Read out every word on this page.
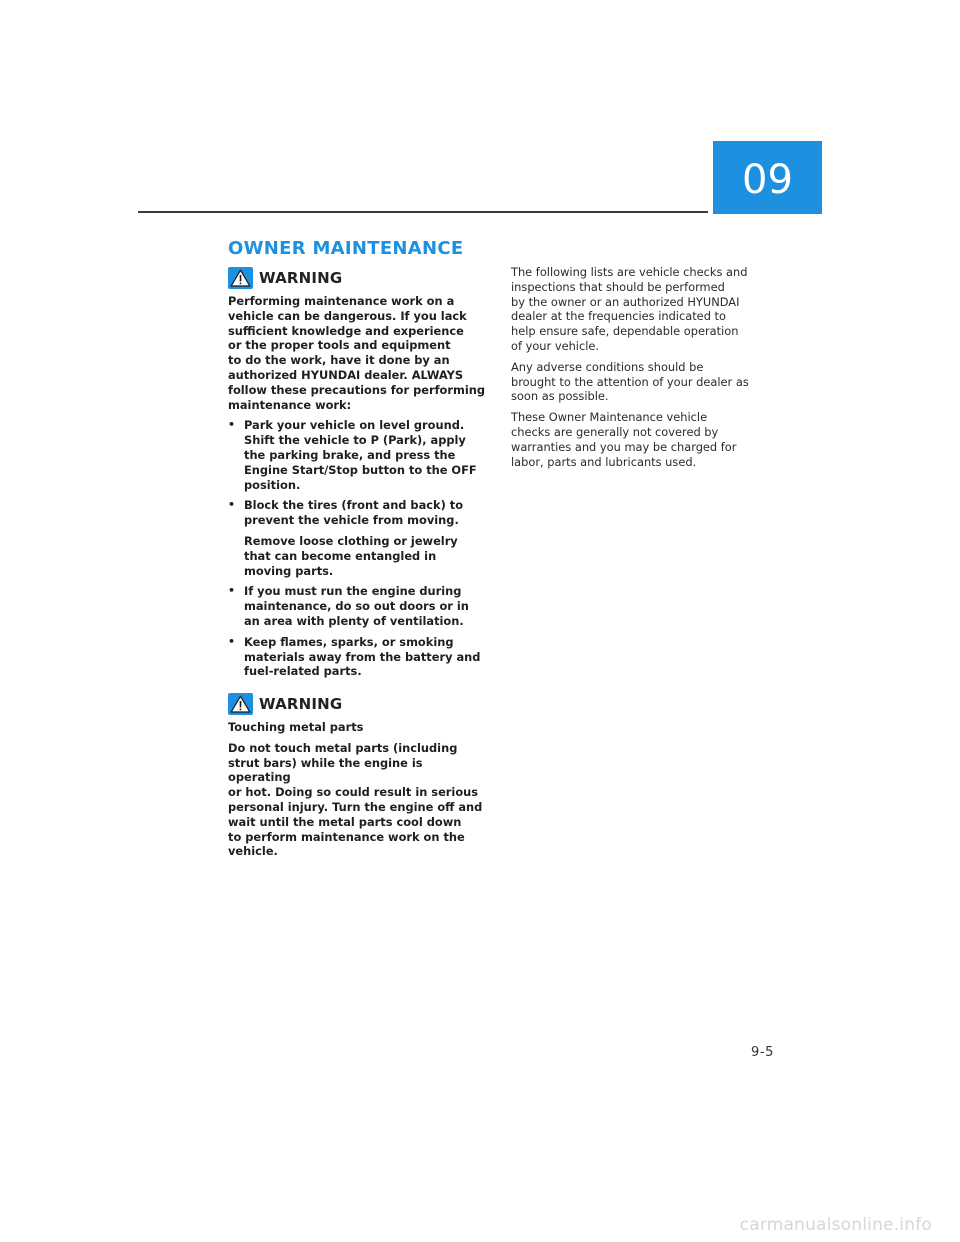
09
OWNER MAINTENANCE
WARNING

Performing maintenance work on a
vehicle can be dangerous. If you lack
sufficient knowledge and experience
or the proper tools and equipment
to do the work, have it done by an
authorized HYUNDAI dealer. ALWAYS
follow these precautions for performing
maintenance work:

• Park your vehicle on level ground.
Shift the vehicle to P (Park), apply
the parking brake, and press the
Engine Start/Stop button to the OFF
position.
• Block the tires (front and back) to
prevent the vehicle from moving.
Remove loose clothing or jewelry
that can become entangled in
moving parts.
• If you must run the engine during
maintenance, do so out doors or in
an area with plenty of ventilation.
• Keep flames, sparks, or smoking
materials away from the battery and
fuel-related parts.
WARNING

Touching metal parts

Do not touch metal parts (including
strut bars) while the engine is operating
or hot. Doing so could result in serious
personal injury. Turn the engine off and
wait until the metal parts cool down
to perform maintenance work on the
vehicle.

The following lists are vehicle checks and
inspections that should be performed
by the owner or an authorized HYUNDAI
dealer at the frequencies indicated to
help ensure safe, dependable operation
of your vehicle.

Any adverse conditions should be
brought to the attention of your dealer as
soon as possible.

These Owner Maintenance vehicle
checks are generally not covered by
warranties and you may be charged for
labor, parts and lubricants used.

9-5
carmanualsonline.info
